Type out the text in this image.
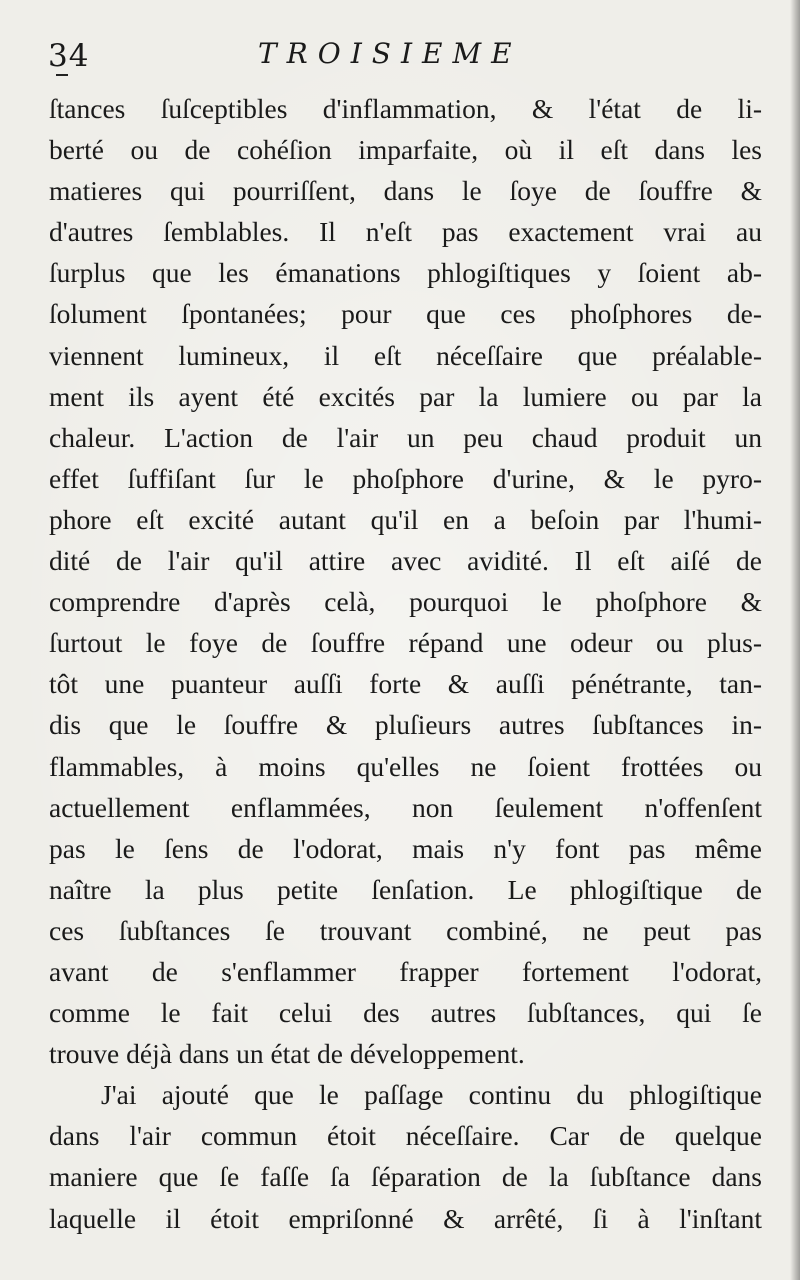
34	TROISIEME
ſtances ſuſceptibles d'inflammation, & l'état de li-
berté ou de cohéſion imparfaite, où il eſt dans les
matieres qui pourriſſent, dans le ſoye de ſouffre &
d'autres ſemblables. Il n'eſt pas exactement vrai au
ſurplus que les émanations phlogiſtiques y ſoient ab-
ſolument ſpontanées; pour que ces phoſphores de-
viennent lumineux, il eſt néceſſaire que préalable-
ment ils ayent été excités par la lumiere ou par la
chaleur. L'action de l'air un peu chaud produit un
effet ſuffiſant ſur le phoſphore d'urine, & le pyro-
phore eſt excité autant qu'il en a beſoin par l'humi-
dité de l'air qu'il attire avec avidité. Il eſt aiſé de
comprendre d'après celà, pourquoi le phoſphore &
ſurtout le foye de ſouffre répand une odeur ou plus-
tôt une puanteur auſſi forte & auſſi pénétrante, tan-
dis que le ſouffre & pluſieurs autres ſubſtances in-
flammables, à moins qu'elles ne ſoient frottées ou
actuellement enflammées, non ſeulement n'offenſent
pas le ſens de l'odorat, mais n'y font pas même
naître la plus petite ſenſation. Le phlogiſtique de
ces ſubſtances ſe trouvant combiné, ne peut pas
avant de s'enflammer frapper fortement l'odorat,
comme le fait celui des autres ſubſtances, qui ſe
trouve déjà dans un état de développement.
J'ai ajouté que le paſſage continu du phlogiſtique
dans l'air commun étoit néceſſaire. Car de quelque
maniere que ſe faſſe ſa ſéparation de la ſubſtance dans
laquelle il étoit empriſonné & arrêté, ſi à l'inſtant
